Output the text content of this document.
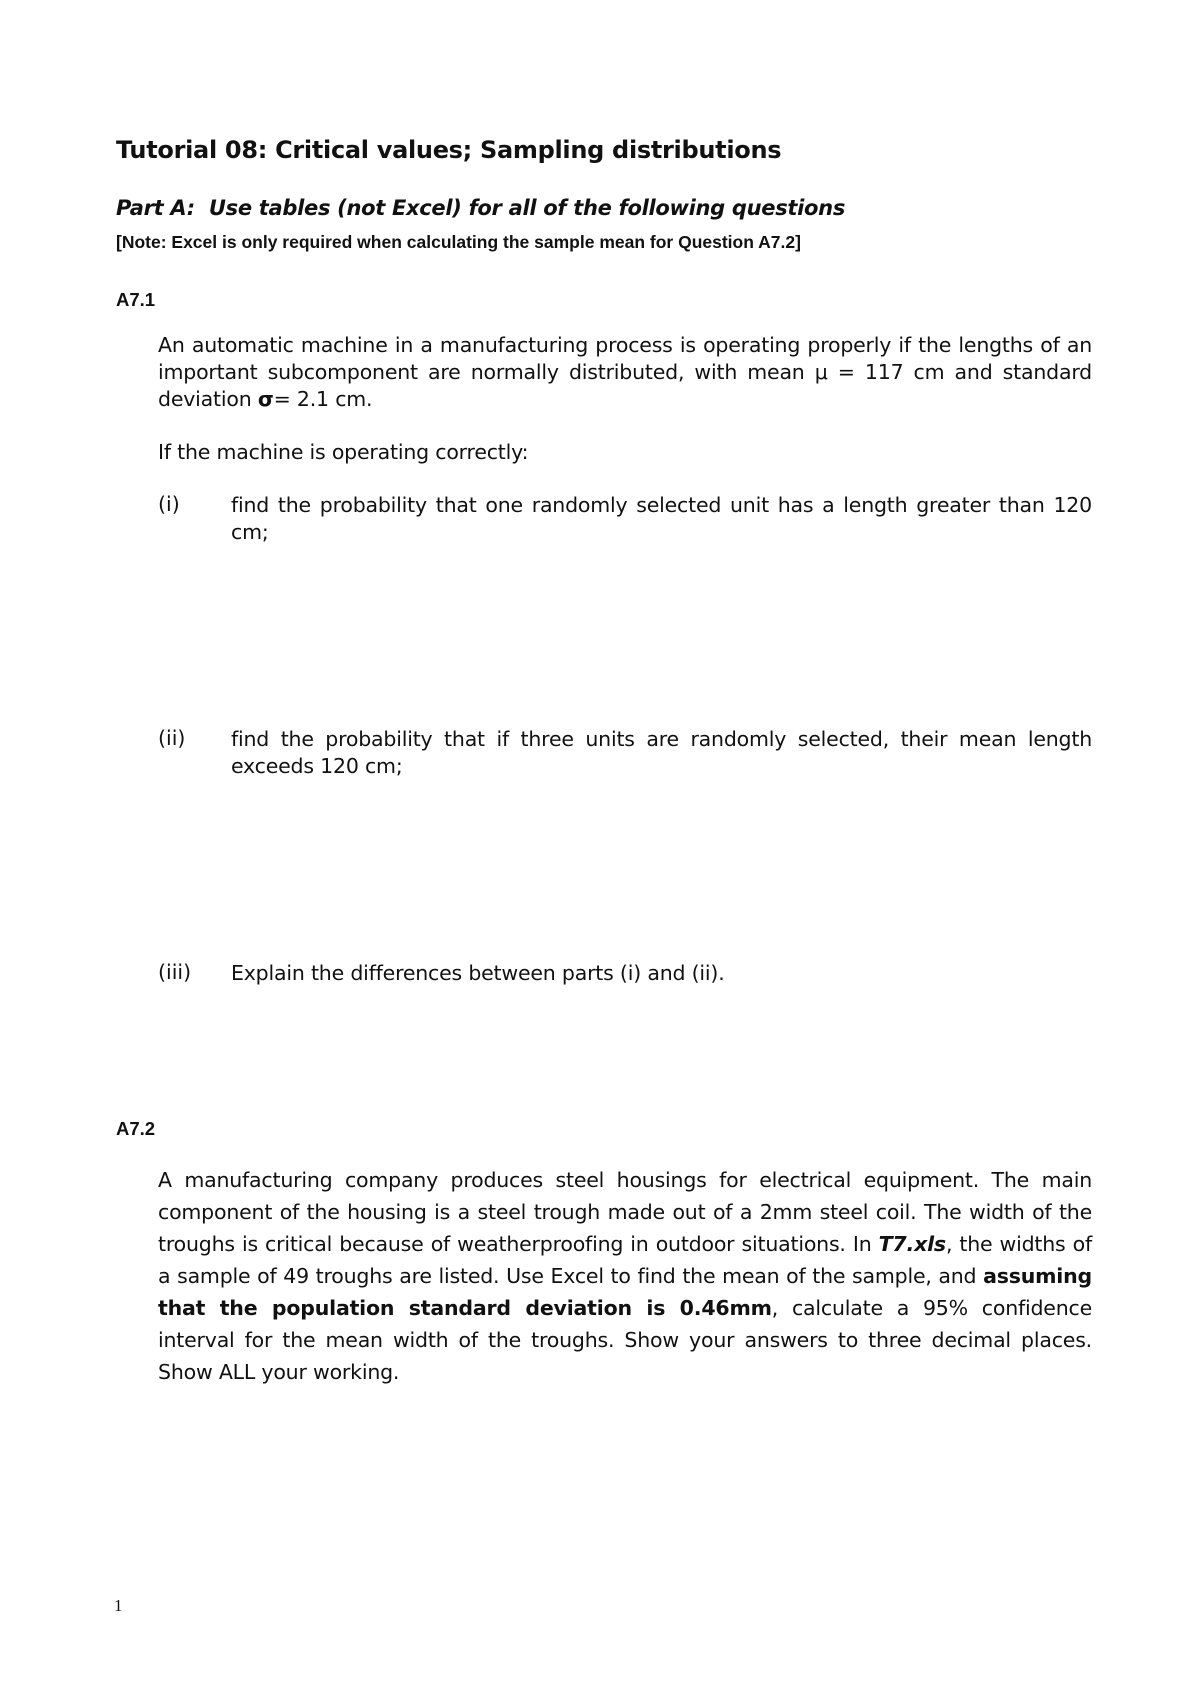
Tutorial 08: Critical values; Sampling distributions
Part A: Use tables (not Excel) for all of the following questions
[Note: Excel is only required when calculating the sample mean for Question A7.2]
A7.1

An automatic machine in a manufacturing process is operating properly if the lengths of an important subcomponent are normally distributed, with mean μ = 117 cm and standard deviation σ= 2.1 cm.

If the machine is operating correctly:
(i)	find the probability that one randomly selected unit has a length greater than 120 cm;
(ii) find the probability that if three units are randomly selected, their mean length exceeds 120 cm;
(iii) Explain the differences between parts (i) and (ii).
A7.2

A manufacturing company produces steel housings for electrical equipment. The main component of the housing is a steel trough made out of a 2mm steel coil. The width of the troughs is critical because of weatherproofing in outdoor situations. In T7.xls, the widths of a sample of 49 troughs are listed. Use Excel to find the mean of the sample, and assuming that the population standard deviation is 0.46mm, calculate a 95% confidence interval for the mean width of the troughs. Show your answers to three decimal places. Show ALL your working.

1
